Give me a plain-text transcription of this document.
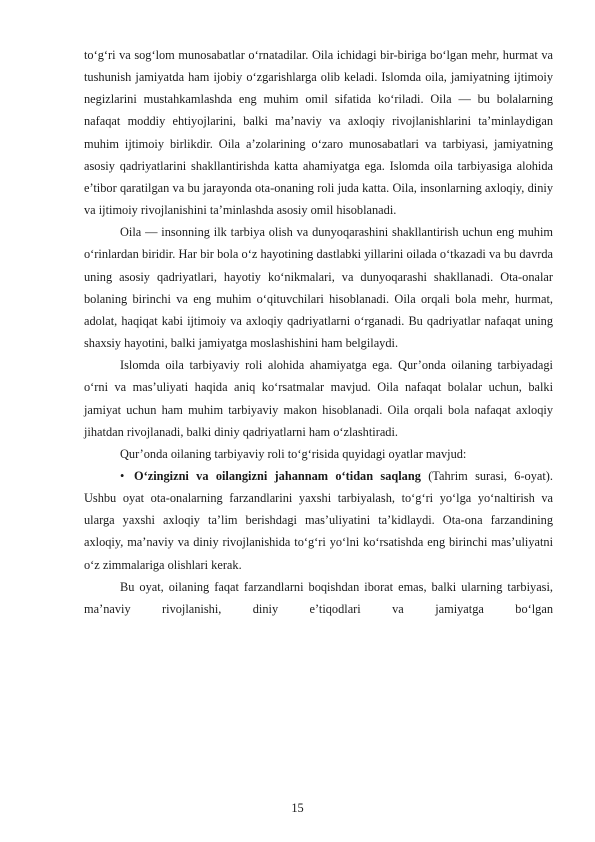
to‘g‘ri va sog‘lom munosabatlar o‘rnatadilar. Oila ichidagi bir-biriga bo‘lgan mehr, hurmat va tushunish jamiyatda ham ijobiy o‘zgarishlarga olib keladi. Islomda oila, jamiyatning ijtimoiy negizlarini mustahkamlashda eng muhim omil sifatida ko‘riladi. Oila — bu bolalarning nafaqat moddiy ehtiyojlarini, balki ma’naviy va axloqiy rivojlanishlarini ta’minlaydigan muhim ijtimoiy birlikdir. Oila a’zolarining o‘zaro munosabatlari va tarbiyasi, jamiyatning asosiy qadriyatlarini shakllantirishda katta ahamiyatga ega. Islomda oila tarbiyasiga alohida e’tibor qaratilgan va bu jarayonda ota-onaning roli juda katta. Oila, insonlarning axloqiy, diniy va ijtimoiy rivojlanishini ta’minlashda asosiy omil hisoblanadi.

Oila — insonning ilk tarbiya olish va dunyoqarashini shakllantirish uchun eng muhim o‘rinlardan biridir. Har bir bola o‘z hayotining dastlabki yillarini oilada o‘tkazadi va bu davrda uning asosiy qadriyatlari, hayotiy ko‘nikmalari, va dunyoqarashi shakllanadi. Ota-onalar bolaning birinchi va eng muhim o‘qituvchilari hisoblanadi. Oila orqali bola mehr, hurmat, adolat, haqiqat kabi ijtimoiy va axloqiy qadriyatlarni o‘rganadi. Bu qadriyatlar nafaqat uning shaxsiy hayotini, balki jamiyatga moslashishini ham belgilaydi.

Islomda oila tarbiyaviy roli alohida ahamiyatga ega. Qur’onda oilaning tarbiyadagi o‘rni va mas’uliyati haqida aniq ko‘rsatmalar mavjud. Oila nafaqat bolalar uchun, balki jamiyat uchun ham muhim tarbiyaviy makon hisoblanadi. Oila orqali bola nafaqat axloqiy jihatdan rivojlanadi, balki diniy qadriyatlarni ham o‘zlashtiradi.

Qur’onda oilaning tarbiyaviy roli to‘g‘risida quyidagi oyatlar mavjud:

• O‘zingizni va oilangizni jahannam o‘tidan saqlang (Tahrim surasi, 6-oyat). Ushbu oyat ota-onalarning farzandlarini yaxshi tarbiyalash, to‘g‘ri yo‘lga yo‘naltirish va ularga yaxshi axloqiy ta’lim berishdagi mas’uliyatini ta’kidlaydi. Ota-ona farzandining axloqiy, ma’naviy va diniy rivojlanishida to‘g‘ri yo‘lni ko‘rsatishda eng birinchi mas’uliyatni o‘z zimmalariga olishlari kerak.

Bu oyat, oilaning faqat farzandlarni boqishdan iborat emas, balki ularning tarbiyasi, ma’naviy rivojlanishi, diniy e’tiqodlari va jamiyatga bo‘lgan

15
